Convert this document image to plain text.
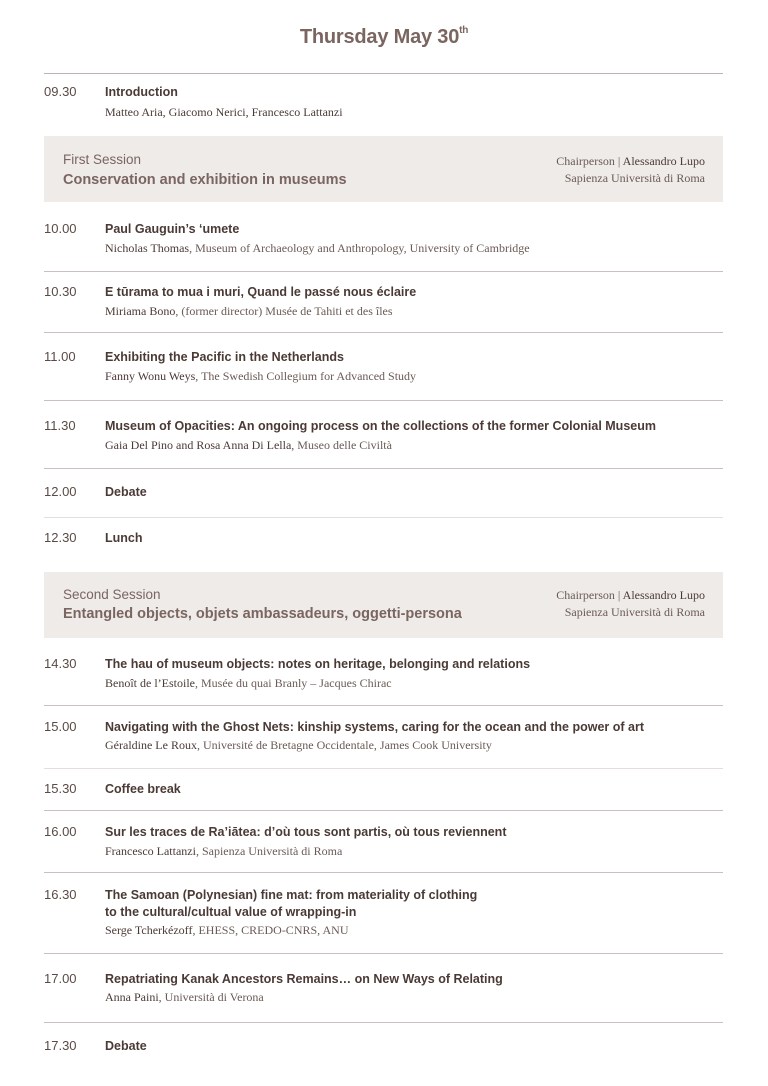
Thursday May 30th
09.30 Introduction
Matteo Aria, Giacomo Nerici, Francesco Lattanzi
First Session
Conservation and exhibition in museums
Chairperson | Alessandro Lupo
Sapienza Università di Roma
10.00 Paul Gauguin’s ‘umete
Nicholas Thomas, Museum of Archaeology and Anthropology, University of Cambridge
10.30 E tūrama to mua i muri, Quand le passé nous éclaire
Miriama Bono, (former director) Musée de Tahiti et des îles
11.00 Exhibiting the Pacific in the Netherlands
Fanny Wonu Weys, The Swedish Collegium for Advanced Study
11.30 Museum of Opacities: An ongoing process on the collections of the former Colonial Museum
Gaia Del Pino and Rosa Anna Di Lella, Museo delle Civiltà
12.00 Debate
12.30 Lunch
Second Session
Entangled objects, objets ambassadeurs, oggetti-persona
Chairperson | Alessandro Lupo
Sapienza Università di Roma
14.30 The hau of museum objects: notes on heritage, belonging and relations
Benoît de l’Estoile, Musée du quai Branly – Jacques Chirac
15.00 Navigating with the Ghost Nets: kinship systems, caring for the ocean and the power of art
Géraldine Le Roux, Université de Bretagne Occidentale, James Cook University
15.30 Coffee break
16.00 Sur les traces de Ra’iātea: d’où tous sont partis, où tous reviennent
Francesco Lattanzi, Sapienza Università di Roma
16.30 The Samoan (Polynesian) fine mat: from materiality of clothing
to the cultural/cultual value of wrapping-in
Serge Tcherkézoff, EHESS, CREDO-CNRS, ANU
17.00 Repatriating Kanak Ancestors Remains… on New Ways of Relating
Anna Paini, Università di Verona
17.30 Debate
